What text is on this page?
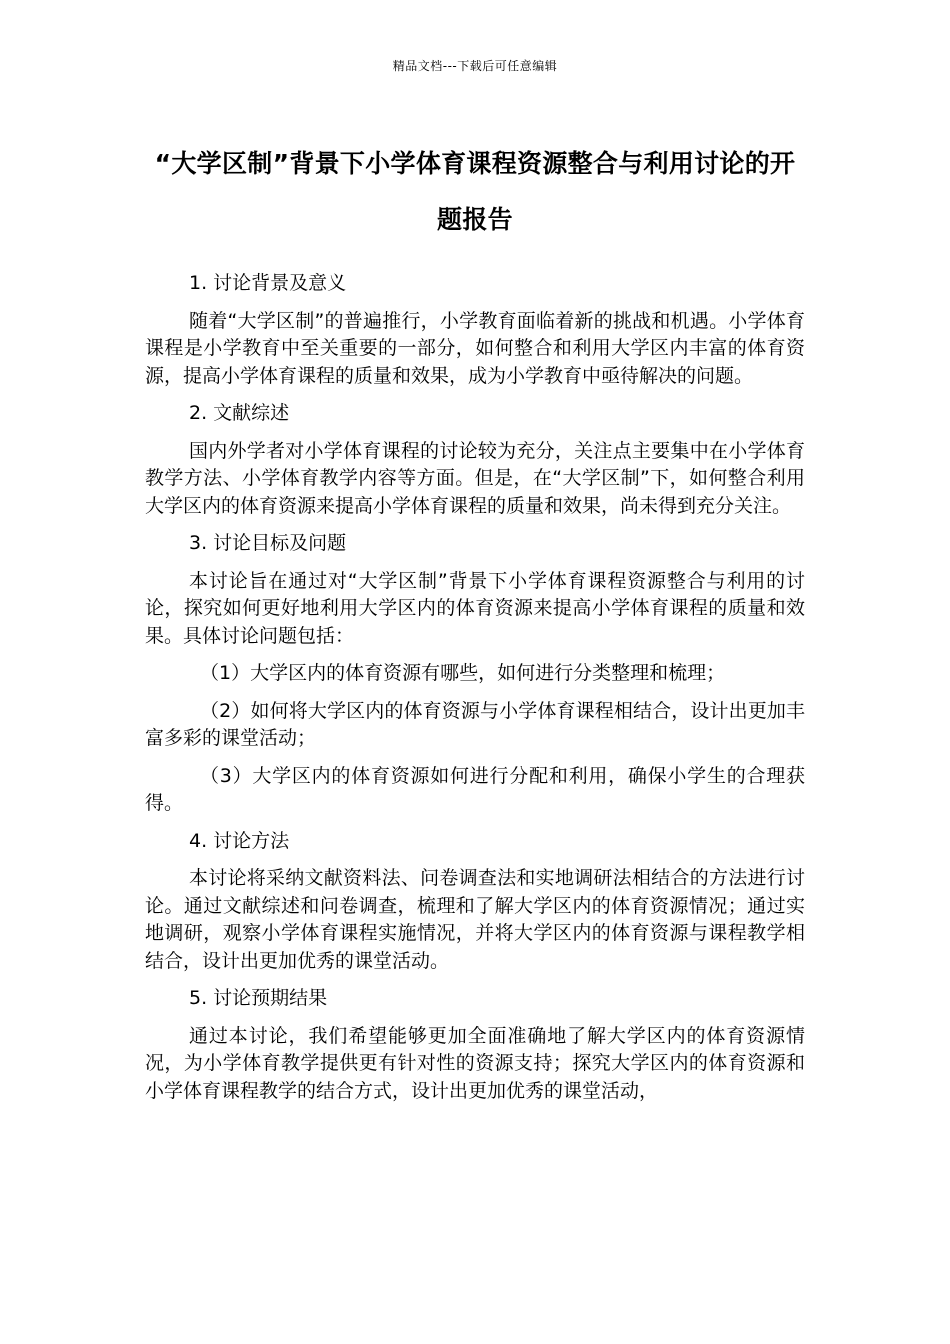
精品文档---下载后可任意编辑
“大学区制”背景下小学体育课程资源整合与利用讨论的开题报告

1. 讨论背景及意义

随着“大学区制”的普遍推行，小学教育面临着新的挑战和机遇。小学体育课程是小学教育中至关重要的一部分，如何整合和利用大学区内丰富的体育资源，提高小学体育课程的质量和效果，成为小学教育中亟待解决的问题。

2. 文献综述

国内外学者对小学体育课程的讨论较为充分，关注点主要集中在小学体育教学方法、小学体育教学内容等方面。但是，在“大学区制”下，如何整合利用大学区内的体育资源来提高小学体育课程的质量和效果，尚未得到充分关注。

3. 讨论目标及问题

本讨论旨在通过对“大学区制”背景下小学体育课程资源整合与利用的讨论，探究如何更好地利用大学区内的体育资源来提高小学体育课程的质量和效果。具体讨论问题包括：

（1）大学区内的体育资源有哪些，如何进行分类整理和梳理；

（2）如何将大学区内的体育资源与小学体育课程相结合，设计出更加丰富多彩的课堂活动；

（3）大学区内的体育资源如何进行分配和利用，确保小学生的合理获得。

4. 讨论方法

本讨论将采纳文献资料法、问卷调查法和实地调研法相结合的方法进行讨论。通过文献综述和问卷调查，梳理和了解大学区内的体育资源情况；通过实地调研，观察小学体育课程实施情况，并将大学区内的体育资源与课程教学相结合，设计出更加优秀的课堂活动。

5. 讨论预期结果

通过本讨论，我们希望能够更加全面准确地了解大学区内的体育资源情况，为小学体育教学提供更有针对性的资源支持；探究大学区内的体育资源和小学体育课程教学的结合方式，设计出更加优秀的课堂活动，
